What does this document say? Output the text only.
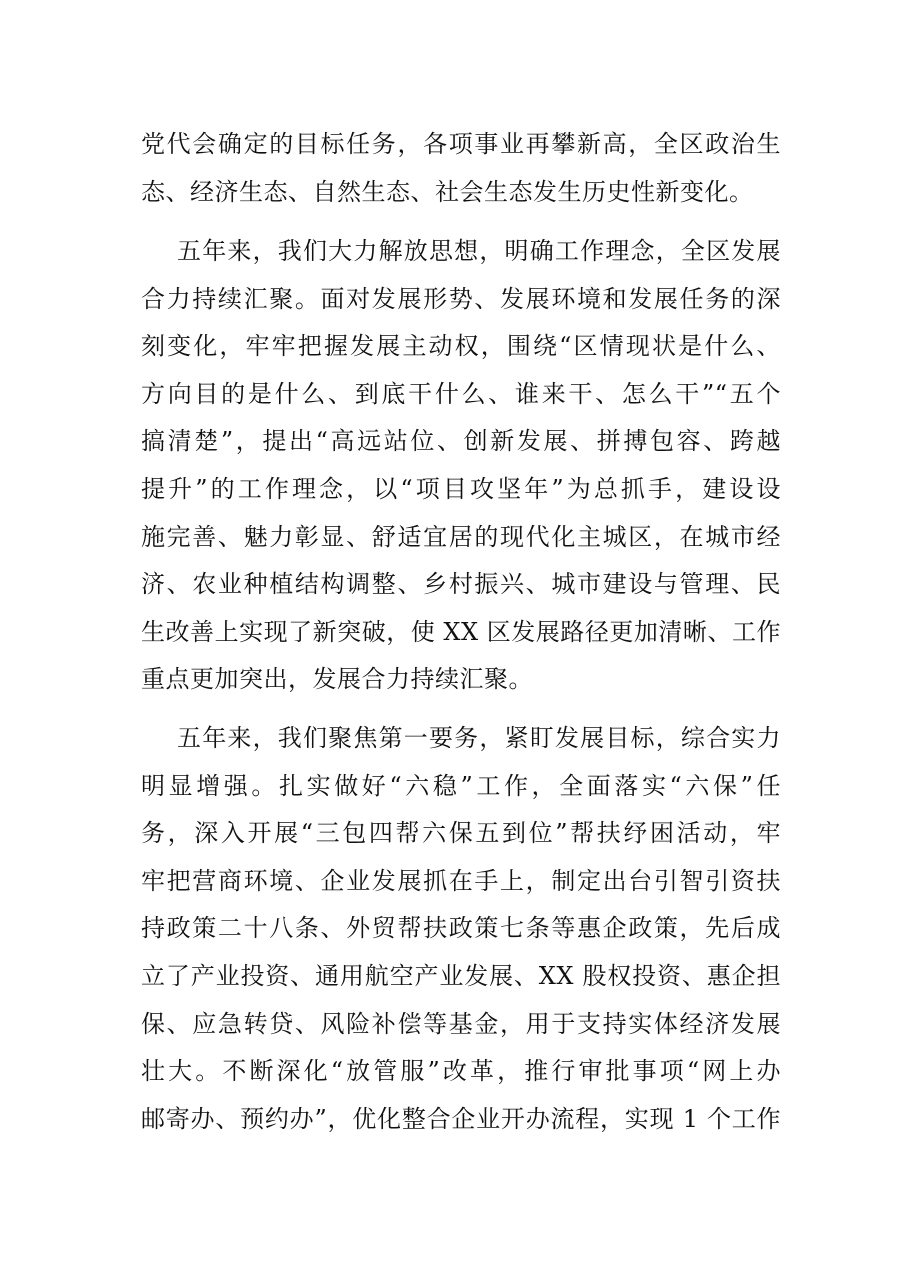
党代会确定的目标任务，各项事业再攀新高，全区政治生
态、经济生态、自然生态、社会生态发生历史性新变化。
五年来，我们大力解放思想，明确工作理念，全区发展
合力持续汇聚。面对发展形势、发展环境和发展任务的深
刻变化，牢牢把握发展主动权，围绕“区情现状是什么、
方向目的是什么、到底干什么、谁来干、怎么干”“五个
搞清楚”，提出“高远站位、创新发展、拼搏包容、跨越
提升”的工作理念，以“项目攻坚年”为总抓手，建设设
施完善、魅力彰显、舒适宜居的现代化主城区，在城市经
济、农业种植结构调整、乡村振兴、城市建设与管理、民
生改善上实现了新突破，使 XX 区发展路径更加清晰、工作
重点更加突出，发展合力持续汇聚。
五年来，我们聚焦第一要务，紧盯发展目标，综合实力
明显增强。扎实做好“六稳”工作，全面落实“六保”任
务，深入开展“三包四帮六保五到位”帮扶纾困活动，牢
牢把营商环境、企业发展抓在手上，制定出台引智引资扶
持政策二十八条、外贸帮扶政策七条等惠企政策，先后成
立了产业投资、通用航空产业发展、XX 股权投资、惠企担
保、应急转贷、风险补偿等基金，用于支持实体经济发展
壮大。不断深化“放管服”改革，推行审批事项“网上办
邮寄办、预约办”，优化整合企业开办流程，实现 1 个工作
